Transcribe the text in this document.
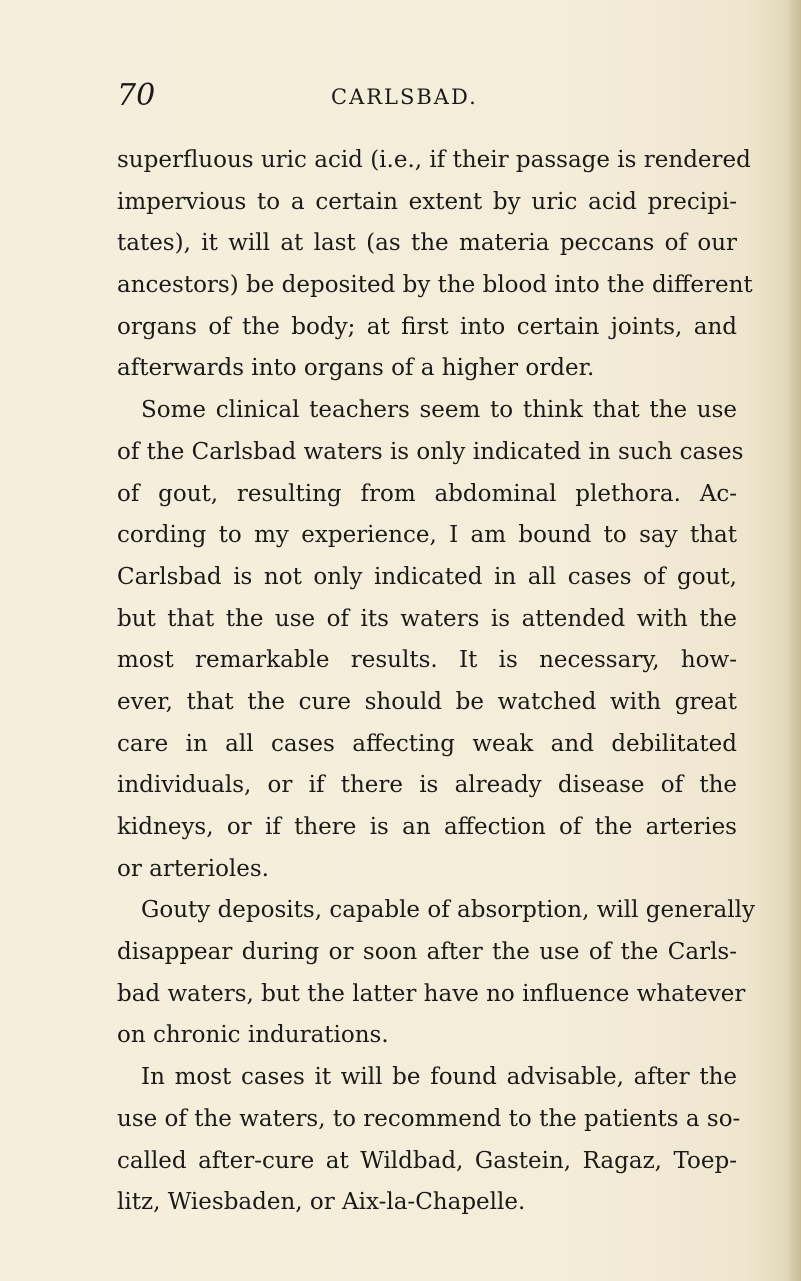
70	CARLSBAD.
superfluous uric acid (i.e., if their passage is rendered
impervious to a certain extent by uric acid precipi-
tates), it will at last (as the materia peccans of our
ancestors) be deposited by the blood into the different
organs of the body; at first into certain joints, and
afterwards into organs of a higher order.
Some clinical teachers seem to think that the use
of the Carlsbad waters is only indicated in such cases
of gout, resulting from abdominal plethora. Ac-
cording to my experience, I am bound to say that
Carlsbad is not only indicated in all cases of gout,
but that the use of its waters is attended with the
most remarkable results. It is necessary, how-
ever, that the cure should be watched with great
care in all cases affecting weak and debilitated
individuals, or if there is already disease of the
kidneys, or if there is an affection of the arteries
or arterioles.
Gouty deposits, capable of absorption, will generally
disappear during or soon after the use of the Carls-
bad waters, but the latter have no influence whatever
on chronic indurations.
In most cases it will be found advisable, after the
use of the waters, to recommend to the patients a so-
called after-cure at Wildbad, Gastein, Ragaz, Toep-
litz, Wiesbaden, or Aix-la-Chapelle.
